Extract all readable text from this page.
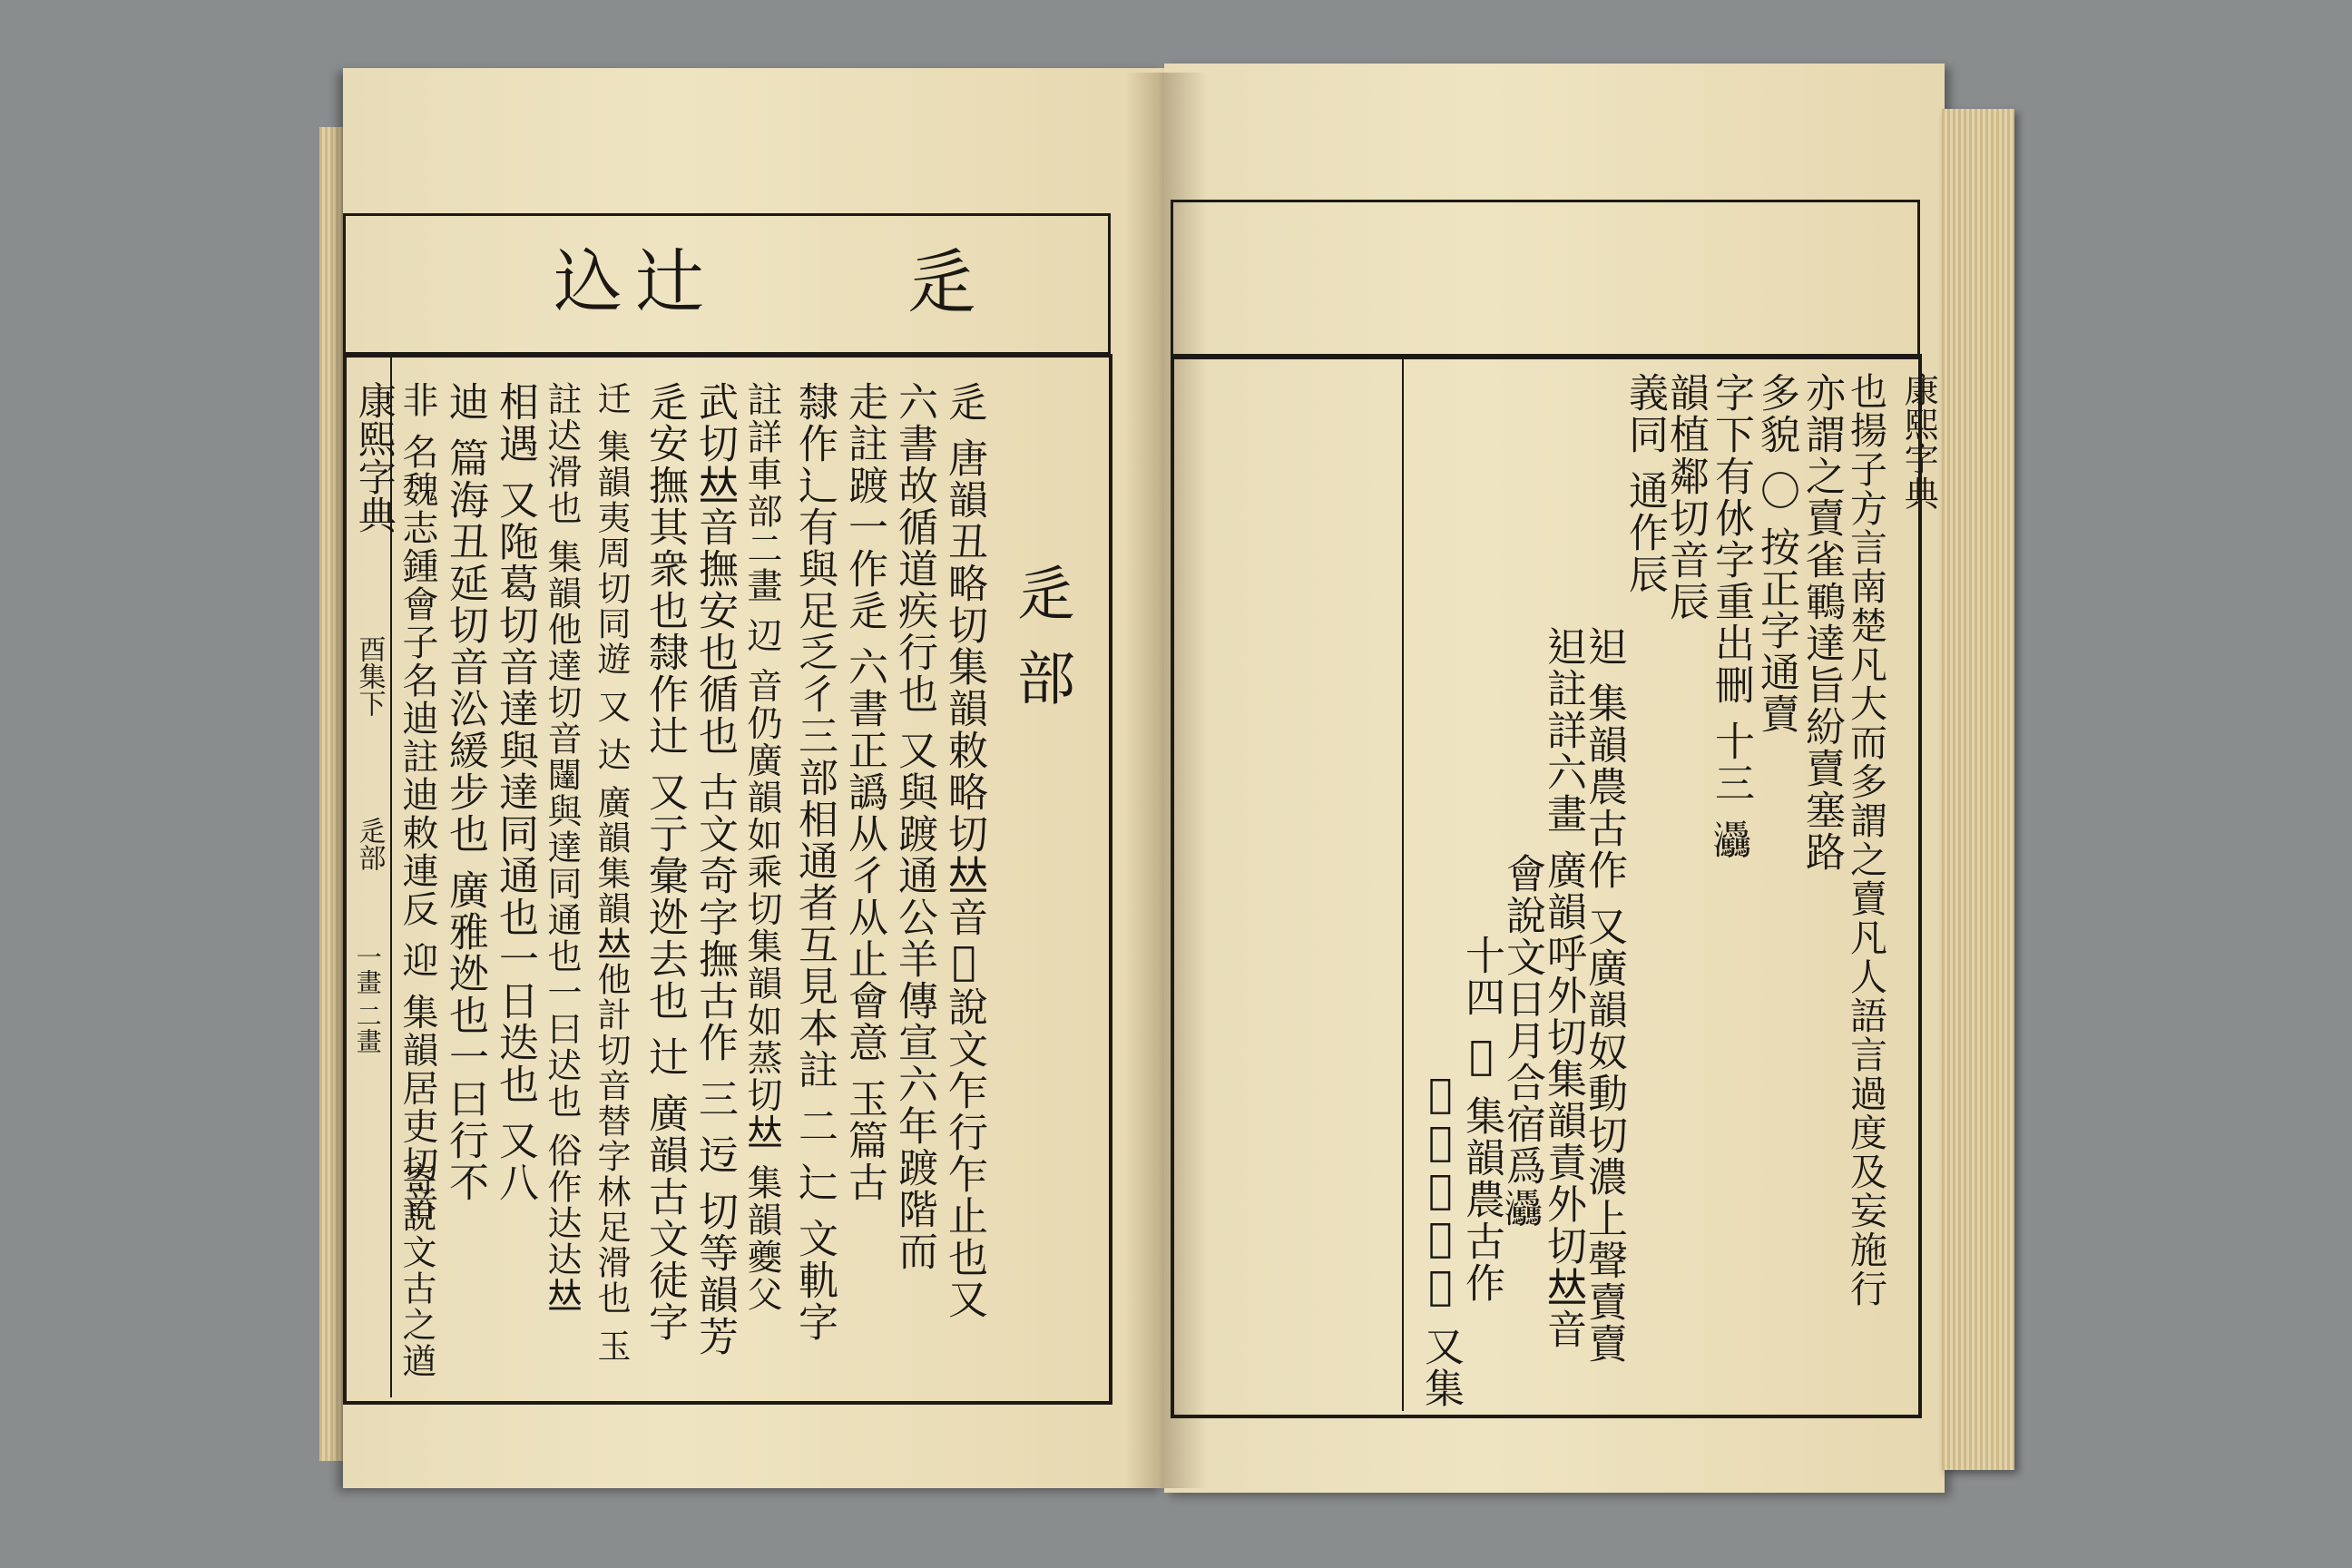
辵
辻
込
康熙字典
酉集下
辵部
一畫 二畫
辵部
辵 唐韻丑略切集韻敕略切𠀤音𣅒說文乍行乍止也又
六書故循道疾行也 又與踱通公羊傳宣六年踱階而
走註踱一作辵 六書正譌从彳从止會意 玉篇古
隸作辶有與足乏彳三部相通者互見本註 二 辷 文軌字
註詳車部二畫 辺 音仍廣韻如乘切集韻如蒸切𠀤 集韻夔父
武切𠀤音撫安也循也 古文奇字撫古作 三 迃 切等韻芳
辵安撫其衆也隸作辻 又亍彙迯去也 辻 廣韻古文徒字
迁 集韻夷周切同遊 又 达 廣韻集韻𠀤他計切音替字林足滑也 玉
註迖滑也 集韻他達切音闥與達同通也一曰迖也 俗作达达𠀤
相遇 又陁葛切音達與達同通也一日迭也 又八
迪 篇海丑延切音㳂緩步也 廣雅迯也一曰行不
非 名魏志鍾會子名迪註迪敕連反 迎 集韻居吏切音
寄說文古之遒
康熙字典
也揚子方言南楚凡大而多謂之𧶠凡人語言過度及妄施行
亦謂之𧶠雀鶤達旨紛𧶠塞路
多貌 〇 按正字通𧶠
字下有㲻字重出刪 十三 𤆀
韻植鄰切音辰
義同 通作辰
𨑨 集韻農古作 又廣韻奴動切濃上聲𧶠𧶠
𨑨註詳六畫 廣韻呼外切集韻責外切𠀤音
會說文日月合宿爲𤆀
十四 𨑯 集韻農古作
𨑯註詳六畫 又集
